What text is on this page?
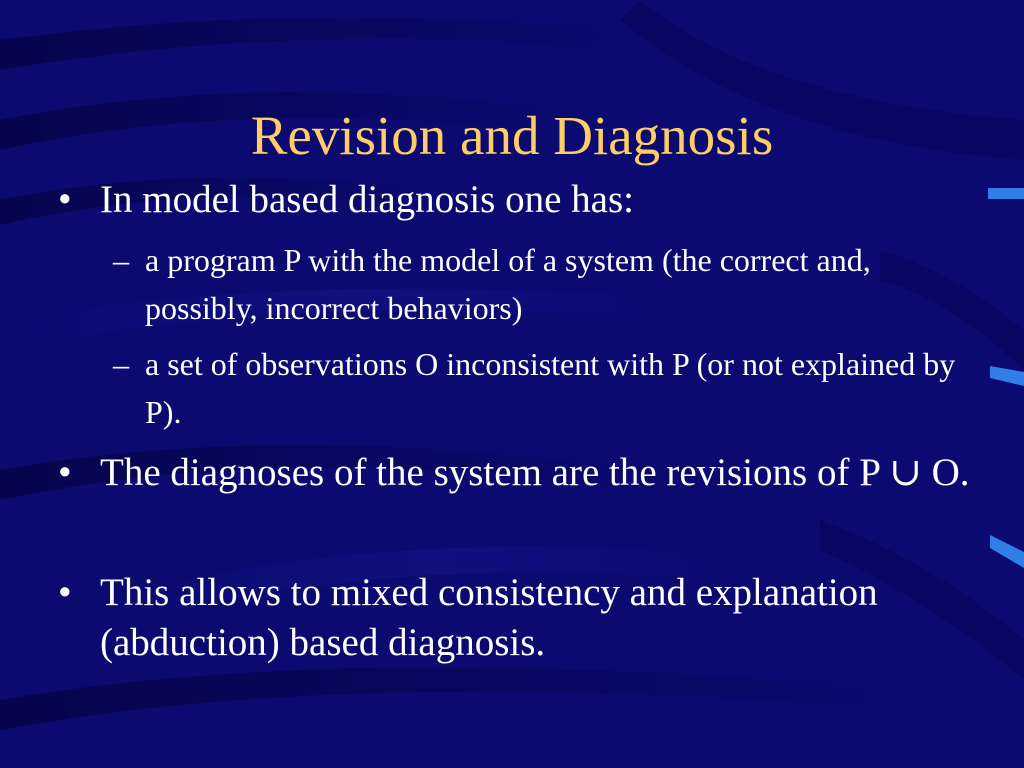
Revision and Diagnosis
• In model based diagnosis one has:
– a program P with the model of a system (the correct and, possibly, incorrect behaviors)
– a set of observations O inconsistent with P (or not explained by P).
• The diagnoses of the system are the revisions of P ∪ O.
• This allows to mixed consistency and explanation (abduction) based diagnosis.
